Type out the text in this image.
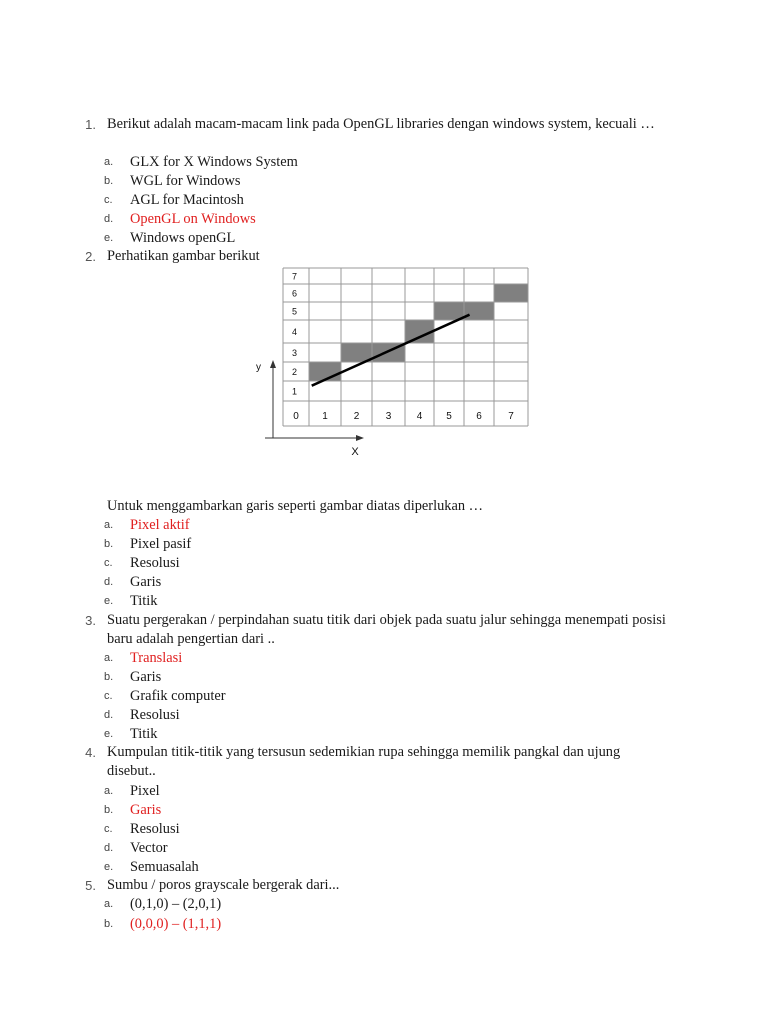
1. Berikut adalah macam-macam link pada OpenGL libraries dengan windows system, kecuali …
a.	GLX for X Windows System
b.	WGL for Windows
c.	AGL for Macintosh
d.	OpenGL on Windows
e.	Windows openGL
2. Perhatikan gambar berikut
0 1	2	3	4 5 6	7
1
2
3
4
5
6
7
y
X
Untuk menggambarkan garis seperti gambar diatas diperlukan …
a.	Pixel aktif
b.	Pixel pasif
c.	Resolusi
d.	Garis
e.	Titik
3. Suatu pergerakan / perpindahan suatu titik dari objek pada suatu jalur sehingga menempati posisi baru adalah pengertian dari ..
a.	Translasi
b.	Garis
c.	Grafik computer
d.	Resolusi
e.	Titik
4. Kumpulan titik-titik yang tersusun sedemikian rupa sehingga memilik pangkal dan ujung disebut..
a.	Pixel
b.	Garis
c.	Resolusi
d.	Vector
e.	Semuasalah
5. Sumbu / poros grayscale bergerak dari...
a.	(0,1,0) – (2,0,1)
b.	(0,0,0) – (1,1,1)
